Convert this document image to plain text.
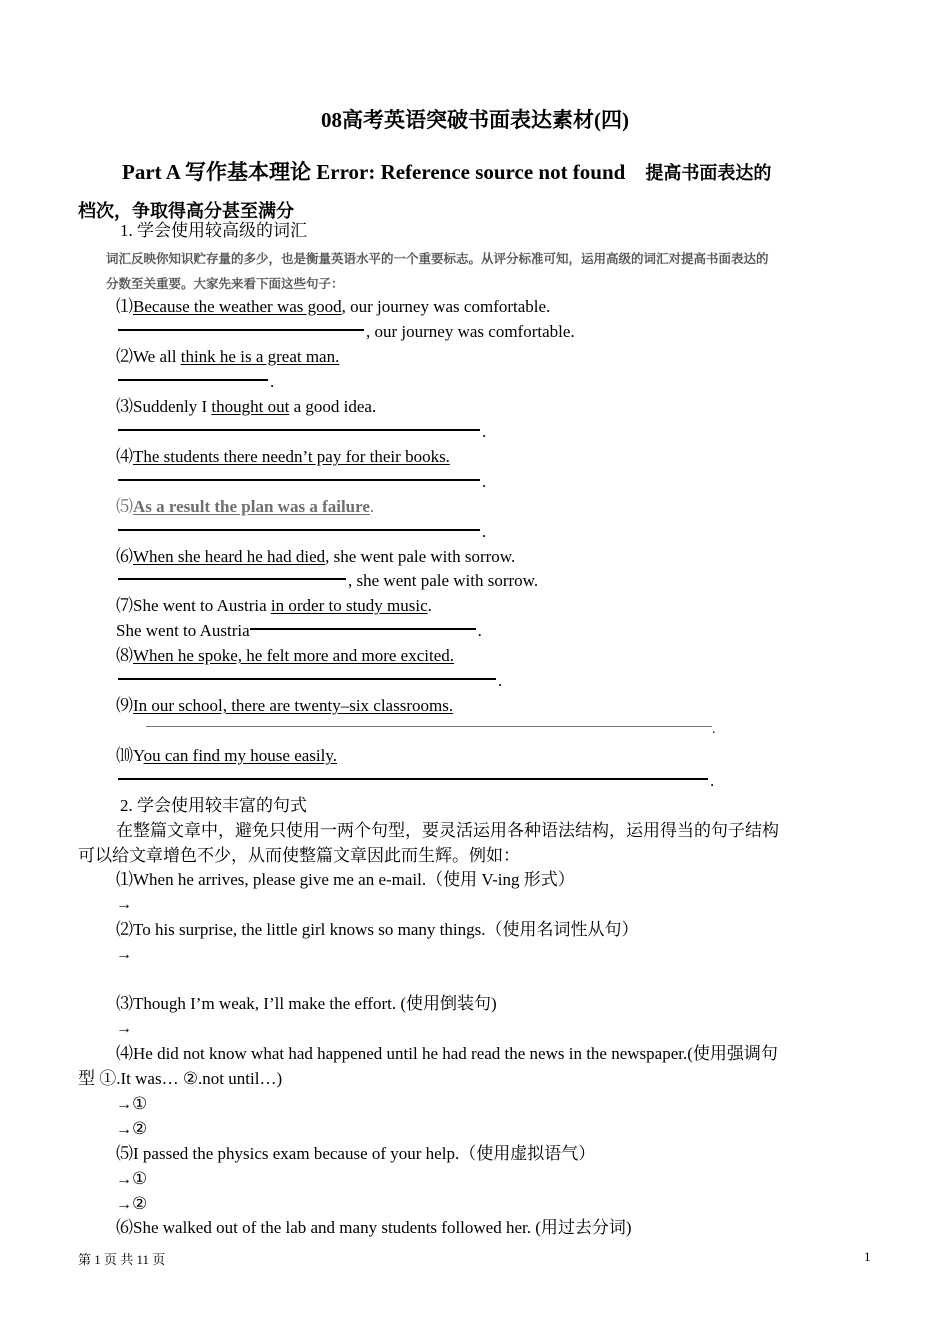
08高考英语突破书面表达素材(四)
Part A 写作基本理论 Error: Reference source not found 提高书面表达的
档次，争取得高分甚至满分
1. 学会使用较高级的词汇
词汇反映你知识贮存量的多少，也是衡量英语水平的一个重要标志。从评分标准可知，运用高级的词汇对提高书面表达的
分数至关重要。大家先来看下面这些句子：
⑴Because the weather was good, our journey was comfortable.
, our journey was comfortable.
⑵We all think he is a great man.
.
⑶Suddenly I thought out a good idea.
.
⑷The students there needn’t pay for their books.
.
⑸As a result the plan was a failure.
.
⑹When she heard he had died, she went pale with sorrow.
, she went pale with sorrow.
⑺She went to Austria in order to study music.
She went to Austria	.
⑻When he spoke, he felt more and more excited.
.
⑼In our school, there are twenty–six classrooms.
.
⑽You can find my house easily.
.
2. 学会使用较丰富的句式
在整篇文章中，避免只使用一两个句型，要灵活运用各种语法结构，运用得当的句子结构
可以给文章增色不少，从而使整篇文章因此而生辉。例如：
⑴When he arrives, please give me an e-mail.（使用 V-ing 形式）
→
⑵To his surprise, the little girl knows so many things.（使用名词性从句）
→
⑶Though I’m weak, I’ll make the effort. (使用倒装句)
→
⑷He did not know what had happened until he had read the news in the newspaper.(使用强调句
型 ①.It was… ②.not until…)
→①
→②
⑸I passed the physics exam because of your help.（使用虚拟语气）
→①
→②
⑹She walked out of the lab and many students followed her. (用过去分词)
第 1 页 共 11 页	1
